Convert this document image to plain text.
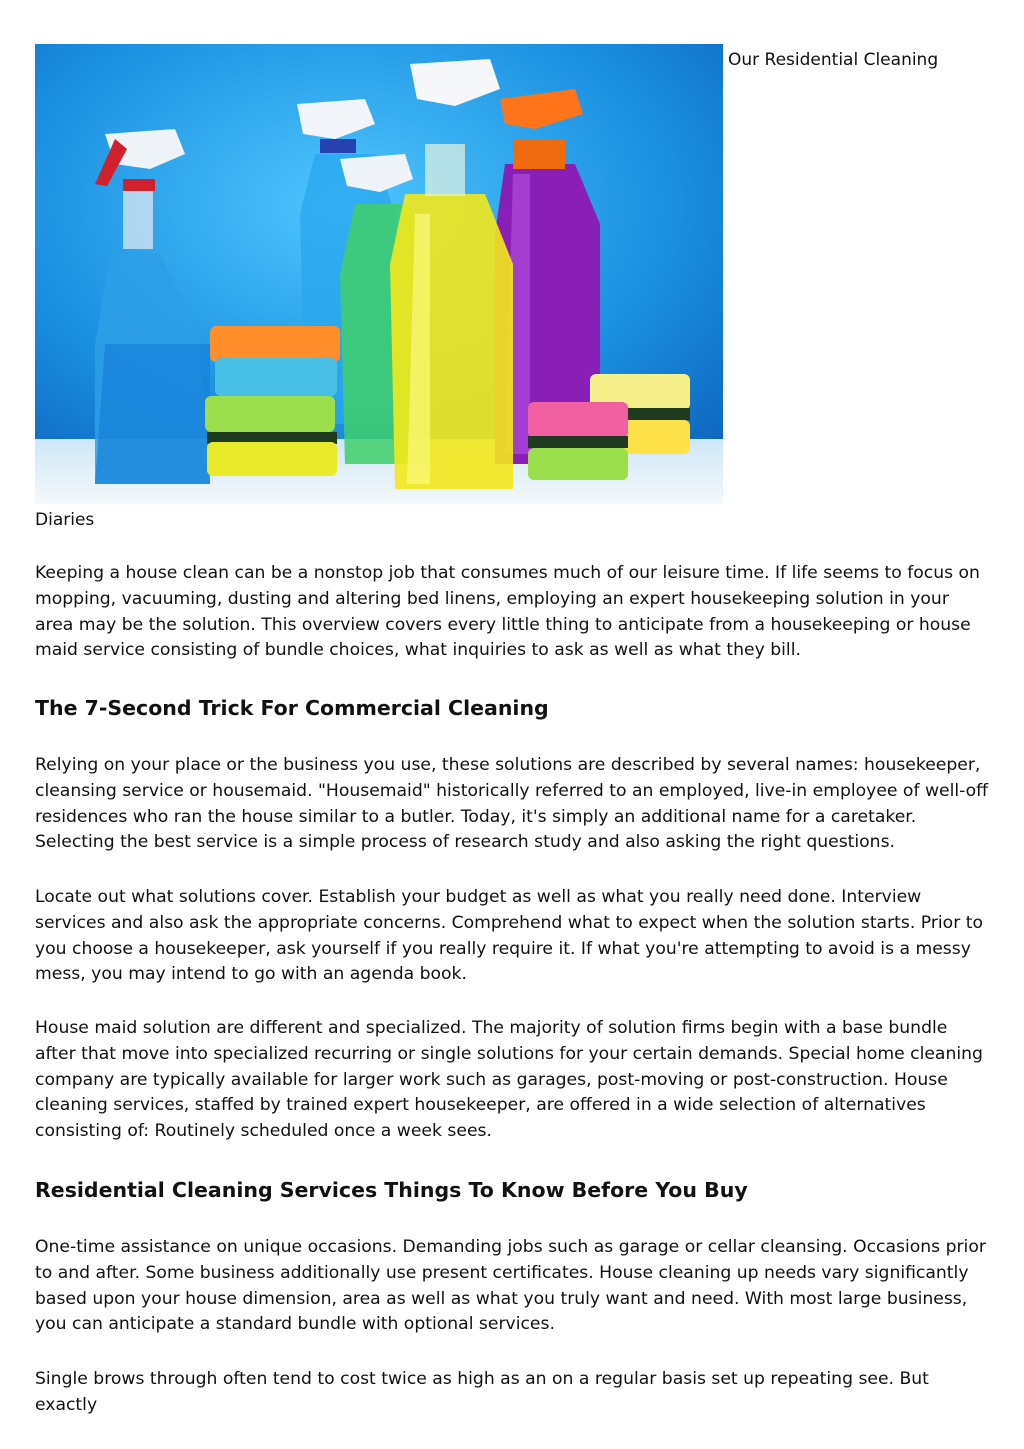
Our Residential Cleaning
Diaries

Keeping a house clean can be a nonstop job that consumes much of our leisure time. If life seems to focus on mopping, vacuuming, dusting and altering bed linens, employing an expert housekeeping solution in your area may be the solution. This overview covers every little thing to anticipate from a housekeeping or house maid service consisting of bundle choices, what inquiries to ask as well as what they bill.

The 7-Second Trick For Commercial Cleaning

Relying on your place or the business you use, these solutions are described by several names: housekeeper, cleansing service or housemaid. "Housemaid" historically referred to an employed, live-in employee of well-off residences who ran the house similar to a butler. Today, it's simply an additional name for a caretaker. Selecting the best service is a simple process of research study and also asking the right questions.

Locate out what solutions cover. Establish your budget as well as what you really need done. Interview services and also ask the appropriate concerns. Comprehend what to expect when the solution starts. Prior to you choose a housekeeper, ask yourself if you really require it. If what you're attempting to avoid is a messy mess, you may intend to go with an agenda book.

House maid solution are different and specialized. The majority of solution firms begin with a base bundle after that move into specialized recurring or single solutions for your certain demands. Special home cleaning company are typically available for larger work such as garages, post-moving or post-construction. House cleaning services, staffed by trained expert housekeeper, are offered in a wide selection of alternatives consisting of: Routinely scheduled once a week sees.

Residential Cleaning Services Things To Know Before You Buy

One-time assistance on unique occasions. Demanding jobs such as garage or cellar cleansing. Occasions prior to and after. Some business additionally use present certificates. House cleaning up needs vary significantly based upon your house dimension, area as well as what you truly want and need. With most large business, you can anticipate a standard bundle with optional services.

Single brows through often tend to cost twice as high as an on a regular basis set up repeating see. But exactly
